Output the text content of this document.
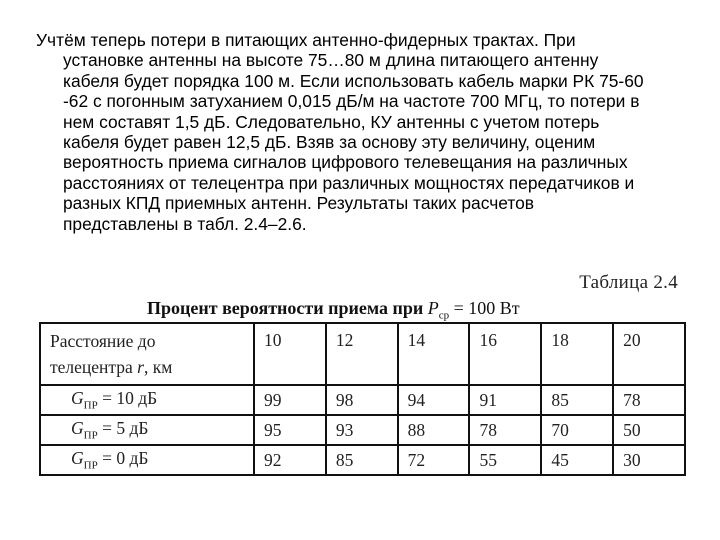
Учтём теперь потери в питающих антенно-фидерных трактах. При
установке антенны на высоте 75…80 м длина питающего антенну
кабеля будет порядка 100 м. Если использовать кабель марки РК 75-60
-62 с погонным затуханием 0,015 дБ/м на частоте 700 МГц, то потери в
нем составят 1,5 дБ. Следовательно, КУ антенны с учетом потерь
кабеля будет равен 12,5 дБ. Взяв за основу эту величину, оценим
вероятность приема сигналов цифрового телевещания на различных
расстояниях от телецентра при различных мощностях передатчиков и
разных КПД приемных антенн. Результаты таких расчетов
представлены в табл. 2.4–2.6.
Таблица 2.4
Процент вероятности приема при $P_{ср} = 100$ Вт
Расстояние до
телецентра r, км	10	12	14	16	18	20
$G_{ПР} = 10$ дБ	99	98	94	91	85	78
$G_{ПР} = 5$ дБ	95	93	88	78	70	50
$G_{ПР} = 0$ дБ	92	85	72	55	45	30
